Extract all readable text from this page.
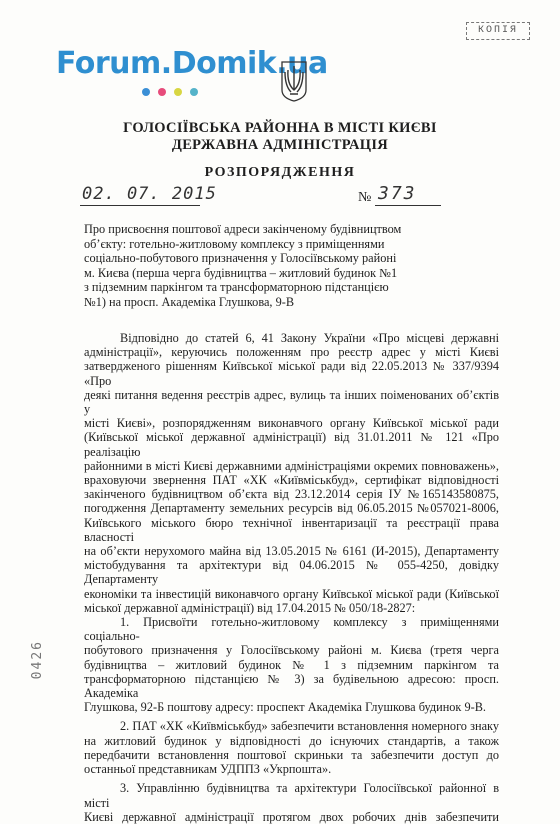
КОПІЯ
Forum.Domik.ua
ГОЛОСІЇВСЬКА РАЙОННА В МІСТІ КИЄВІ
ДЕРЖАВНА АДМІНІСТРАЦІЯ
РОЗПОРЯДЖЕННЯ
02. 07. 2015	№ 373
Про присвоєння поштової адреси закінченому будівництвом
об’єкту: готельно-житловому комплексу з приміщеннями
соціально-побутового призначення у Голосіївському районі
м. Києва (перша черга будівництва – житловий будинок №1
з підземним паркінгом та трансформаторною підстанцією
№1) на просп. Академіка Глушкова, 9-В
Відповідно до статей 6, 41 Закону України «Про місцеві державні
адміністрації», керуючись положенням про реєстр адрес у місті Києві
затвердженого рішенням Київської міської ради від 22.05.2013 № 337/9394 «Про
деякі питання ведення реєстрів адрес, вулиць та інших поіменованих об’єктів у
місті Києві», розпорядженням виконавчого органу Київської міської ради
(Київської міської державної адміністрації) від 31.01.2011 № 121 «Про реалізацію
районними в місті Києві державними адміністраціями окремих повноважень»,
враховуючи звернення ПАТ «ХК «Київміськбуд», сертифікат відповідності
закінченого будівництвом об’єкта від 23.12.2014 серія ІУ №165143580875,
погодження Департаменту земельних ресурсів від 06.05.2015 №057021-8006,
Київського міського бюро технічної інвентаризації та реєстрації права власності
на об’єкти нерухомого майна від 13.05.2015 № 6161 (И-2015), Департаменту
містобудування та архітектури від 04.06.2015 № 055-4250, довідку Департаменту
економіки та інвестицій виконавчого органу Київської міської ради (Київської
міської державної адміністрації) від 17.04.2015 № 050/18-2827:
1. Присвоїти готельно-житловому комплексу з приміщеннями соціально-
побутового призначення у Голосіївському районі м. Києва (третя черга
будівництва – житловий будинок № 1 з підземним паркінгом та
трансформаторною підстанцією № 3) за будівельною адресою: просп. Академіка
Глушкова, 92-Б поштову адресу: проспект Академіка Глушкова будинок 9-В.
2. ПАТ «ХК «Київміськбуд» забезпечити встановлення номерного знаку
на житловий будинок у відповідності до існуючих стандартів, а також
передбачити встановлення поштової скриньки та забезпечити доступ до
останньої представникам УДППЗ «Укрпошта».
3. Управлінню будівництва та архітектури Голосіївської районної в місті
Києві державної адміністрації протягом двох робочих днів забезпечити
0426
